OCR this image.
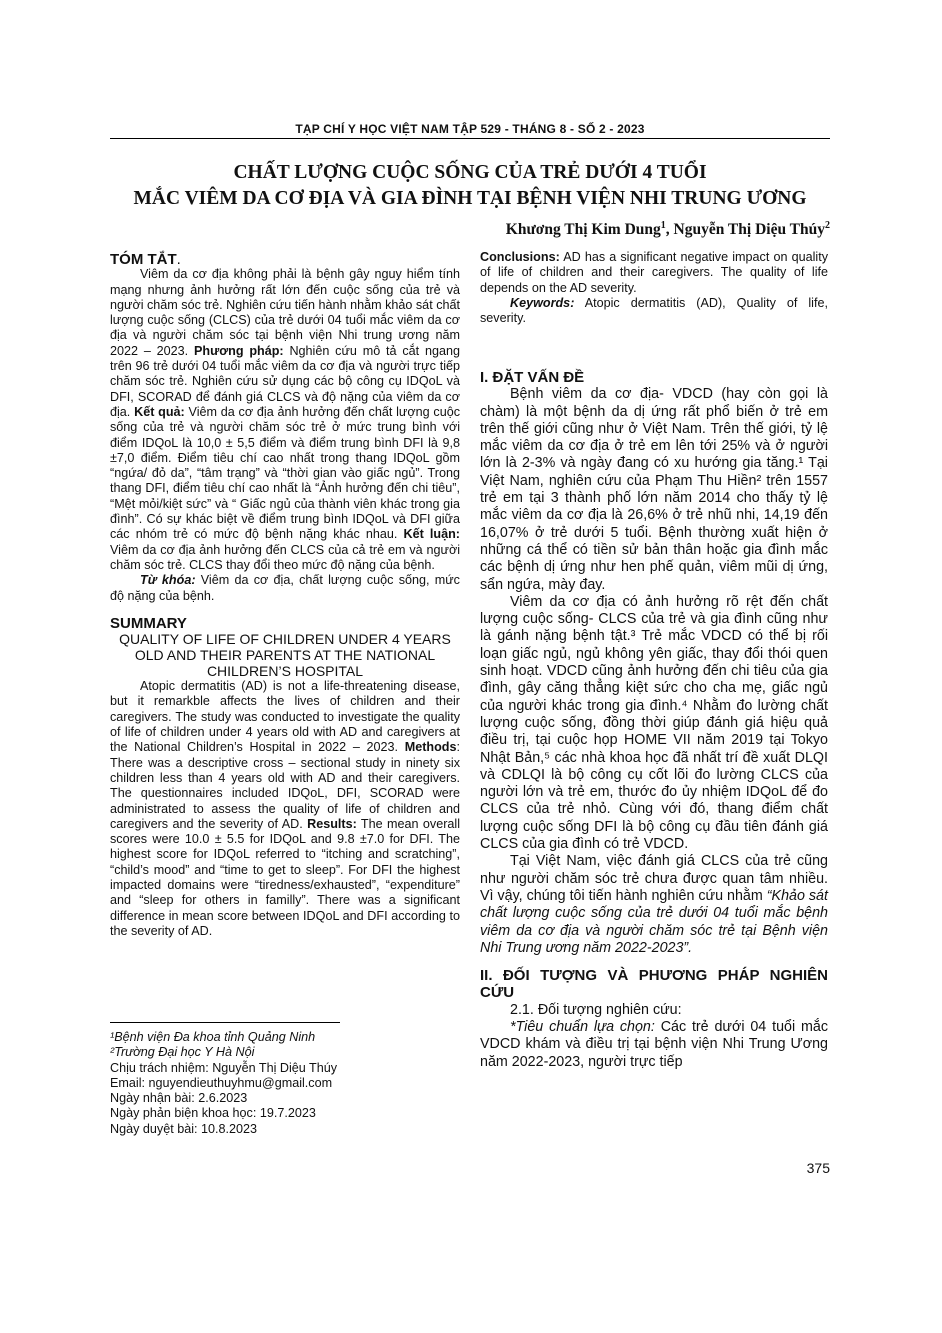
TẠP CHÍ Y HỌC VIỆT NAM TẬP 529 - THÁNG 8 - SỐ 2 - 2023
CHẤT LƯỢNG CUỘC SỐNG CỦA TRẺ DƯỚI 4 TUỔI
MẮC VIÊM DA CƠ ĐỊA VÀ GIA ĐÌNH TẠI BỆNH VIỆN NHI TRUNG ƯƠNG
Khương Thị Kim Dung$^1$, Nguyễn Thị Diệu Thúy$^2$

TÓM TẮT.

Viêm da cơ địa không phải là bệnh gây nguy hiểm tính mạng nhưng ảnh hưởng rất lớn đến cuộc sống của trẻ và người chăm sóc trẻ. Nghiên cứu tiến hành nhằm khảo sát chất lượng cuộc sống (CLCS) của trẻ dưới 04 tuổi mắc viêm da cơ địa và người chăm sóc tại bệnh viện Nhi trung ương năm 2022 – 2023. Phương pháp: Nghiên cứu mô tả cắt ngang trên 96 trẻ dưới 04 tuổi mắc viêm da cơ địa và người trực tiếp chăm sóc trẻ. Nghiên cứu sử dụng các bộ công cụ IDQoL và DFI, SCORAD để đánh giá CLCS và độ nặng của viêm da cơ địa. Kết quả: Viêm da cơ địa ảnh hưởng đến chất lượng cuộc sống của trẻ và người chăm sóc trẻ ở mức trung bình với điểm IDQoL là 10,0 ± 5,5 điểm và điểm trung bình DFI là 9,8 ±7,0 điểm. Điểm tiêu chí cao nhất trong thang IDQoL gồm “ngứa/ đỏ da”, “tâm trạng” và “thời gian vào giấc ngủ”. Trong thang DFI, điểm tiêu chí cao nhất là “Ảnh hưởng đến chi tiêu”, “Mệt mỏi/kiệt sức” và “ Giấc ngủ của thành viên khác trong gia đình”. Có sự khác biệt về điểm trung bình IDQoL và DFI giữa các nhóm trẻ có mức độ bệnh nặng khác nhau. Kết luận: Viêm da cơ địa ảnh hưởng đến CLCS của cả trẻ em và người chăm sóc trẻ. CLCS thay đổi theo mức độ nặng của bệnh.

Từ khóa: Viêm da cơ địa, chất lượng cuộc sống, mức độ nặng của bệnh.

SUMMARY

QUALITY OF LIFE OF CHILDREN UNDER 4 YEARS OLD AND THEIR PARENTS AT THE NATIONAL CHILDREN’S HOSPITAL

Atopic dermatitis (AD) is not a life-threatening disease, but it remarkble affects the lives of children and their caregivers. The study was conducted to investigate the quality of life of children under 4 years old with AD and caregivers at the National Children’s Hospital in 2022 – 2023. Methods: There was a descriptive cross – sectional study in ninety six children less than 4 years old with AD and their caregivers. The questionnaires included IDQoL, DFI, SCORAD were administrated to assess the quality of life of children and caregivers and the severity of AD. Results: The mean overall scores were 10.0 ± 5.5 for IDQoL and 9.8 ±7.0 for DFI. The highest score for IDQoL referred to “itching and scratching”, “child’s mood” and “time to get to sleep”. For DFI the highest impacted domains were “tiredness/exhausted”, “expenditure” and “sleep for others in familly”. There was a significant difference in mean score between IDQoL and DFI according to the severity of AD.

Conclusions: AD has a significant negative impact on quality of life of children and their caregivers. The quality of life depends on the AD severity.

Keywords: Atopic dermatitis (AD), Quality of life, severity.

I. ĐẶT VẤN ĐỀ

Bệnh viêm da cơ địa- VDCD (hay còn gọi là chàm) là một bệnh da dị ứng rất phổ biến ở trẻ em trên thế giới cũng như ở Việt Nam. Trên thế giới, tỷ lệ mắc viêm da cơ địa ở trẻ em lên tới 25% và ở người lớn là 2-3% và ngày đang có xu hướng gia tăng.¹ Tại Việt Nam, nghiên cứu của Phạm Thu Hiền² trên 1557 trẻ em tại 3 thành phố lớn năm 2014 cho thấy tỷ lệ mắc viêm da cơ địa là 26,6% ở trẻ nhũ nhi, 14,19 đến 16,07% ở trẻ dưới 5 tuổi. Bệnh thường xuất hiện ở những cá thể có tiền sử bản thân hoặc gia đình mắc các bệnh dị ứng như hen phế quản, viêm mũi dị ứng, sẩn ngứa, mày đay.

Viêm da cơ địa có ảnh hưởng rõ rệt đến chất lượng cuộc sống- CLCS của trẻ và gia đình cũng như là gánh nặng bệnh tật.³ Trẻ mắc VDCD có thể bị rối loạn giấc ngủ, ngủ không yên giấc, thay đổi thói quen sinh hoạt. VDCD cũng ảnh hưởng đến chi tiêu của gia đình, gây căng thẳng kiệt sức cho cha mẹ, giấc ngủ của người khác trong gia đình.⁴ Nhằm đo lường chất lượng cuộc sống, đồng thời giúp đánh giá hiệu quả điều trị, tại cuộc họp HOME VII năm 2019 tại Tokyo Nhật Bản,⁵ các nhà khoa học đã nhất trí đề xuất DLQI và CDLQI là bộ công cụ cốt lõi đo lường CLCS của người lớn và trẻ em, thước đo ủy nhiệm IDQoL để đo CLCS của trẻ nhỏ. Cùng với đó, thang điểm chất lượng cuộc sống DFI là bộ công cụ đầu tiên đánh giá CLCS của gia đình có trẻ VDCD.

Tại Việt Nam, việc đánh giá CLCS của trẻ cũng như người chăm sóc trẻ chưa được quan tâm nhiều. Vì vậy, chúng tôi tiến hành nghiên cứu nhằm “Khảo sát chất lượng cuộc sống của trẻ dưới 04 tuổi mắc bệnh viêm da cơ địa và người chăm sóc trẻ tại Bệnh viện Nhi Trung ương năm 2022-2023”.

II. ĐỐI TƯỢNG VÀ PHƯƠNG PHÁP NGHIÊN CỨU

2.1. Đối tượng nghiên cứu:

*Tiêu chuẩn lựa chọn: Các trẻ dưới 04 tuổi mắc VDCD khám và điều trị tại bệnh viện Nhi Trung Ương năm 2022-2023, người trực tiếp

¹Bệnh viện Đa khoa tỉnh Quảng Ninh
²Trường Đại học Y Hà Nội
Chịu trách nhiệm: Nguyễn Thị Diệu Thúy
Email: nguyendieuthuyhmu@gmail.com
Ngày nhận bài: 2.6.2023
Ngày phản biện khoa học: 19.7.2023
Ngày duyệt bài: 10.8.2023
375
